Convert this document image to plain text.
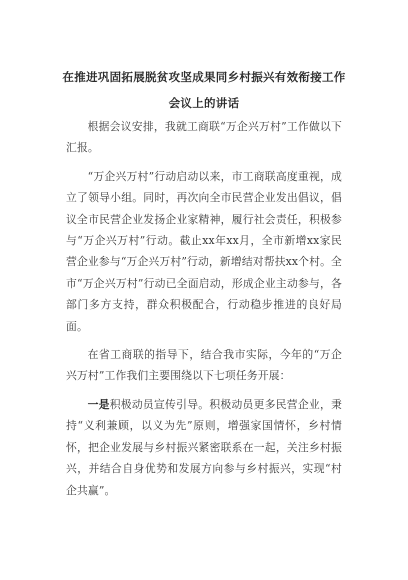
在推进巩固拓展脱贫攻坚成果同乡村振兴有效衔接工作会议上的讲话

根据会议安排，我就工商联“万企兴万村”工作做以下汇报。

“万企兴万村”行动启动以来，市工商联高度重视，成立了领导小组。同时，再次向全市民营企业发出倡议，倡议全市民营企业发扬企业家精神，履行社会责任，积极参与“万企兴万村”行动。截止xx年xx月，全市新增xx家民营企业参与“万企兴万村”行动，新增结对帮扶xx个村。全市“万企兴万村”行动已全面启动，形成企业主动参与，各部门多方支持，群众积极配合，行动稳步推进的良好局面。

在省工商联的指导下，结合我市实际，今年的“万企兴万村”工作我们主要围绕以下七项任务开展：

一是积极动员宣传引导。积极动员更多民营企业，秉持“义利兼顾，以义为先”原则，增强家国情怀，乡村情怀，把企业发展与乡村振兴紧密联系在一起，关注乡村振兴，并结合自身优势和发展方向参与乡村振兴，实现“村企共赢”。
